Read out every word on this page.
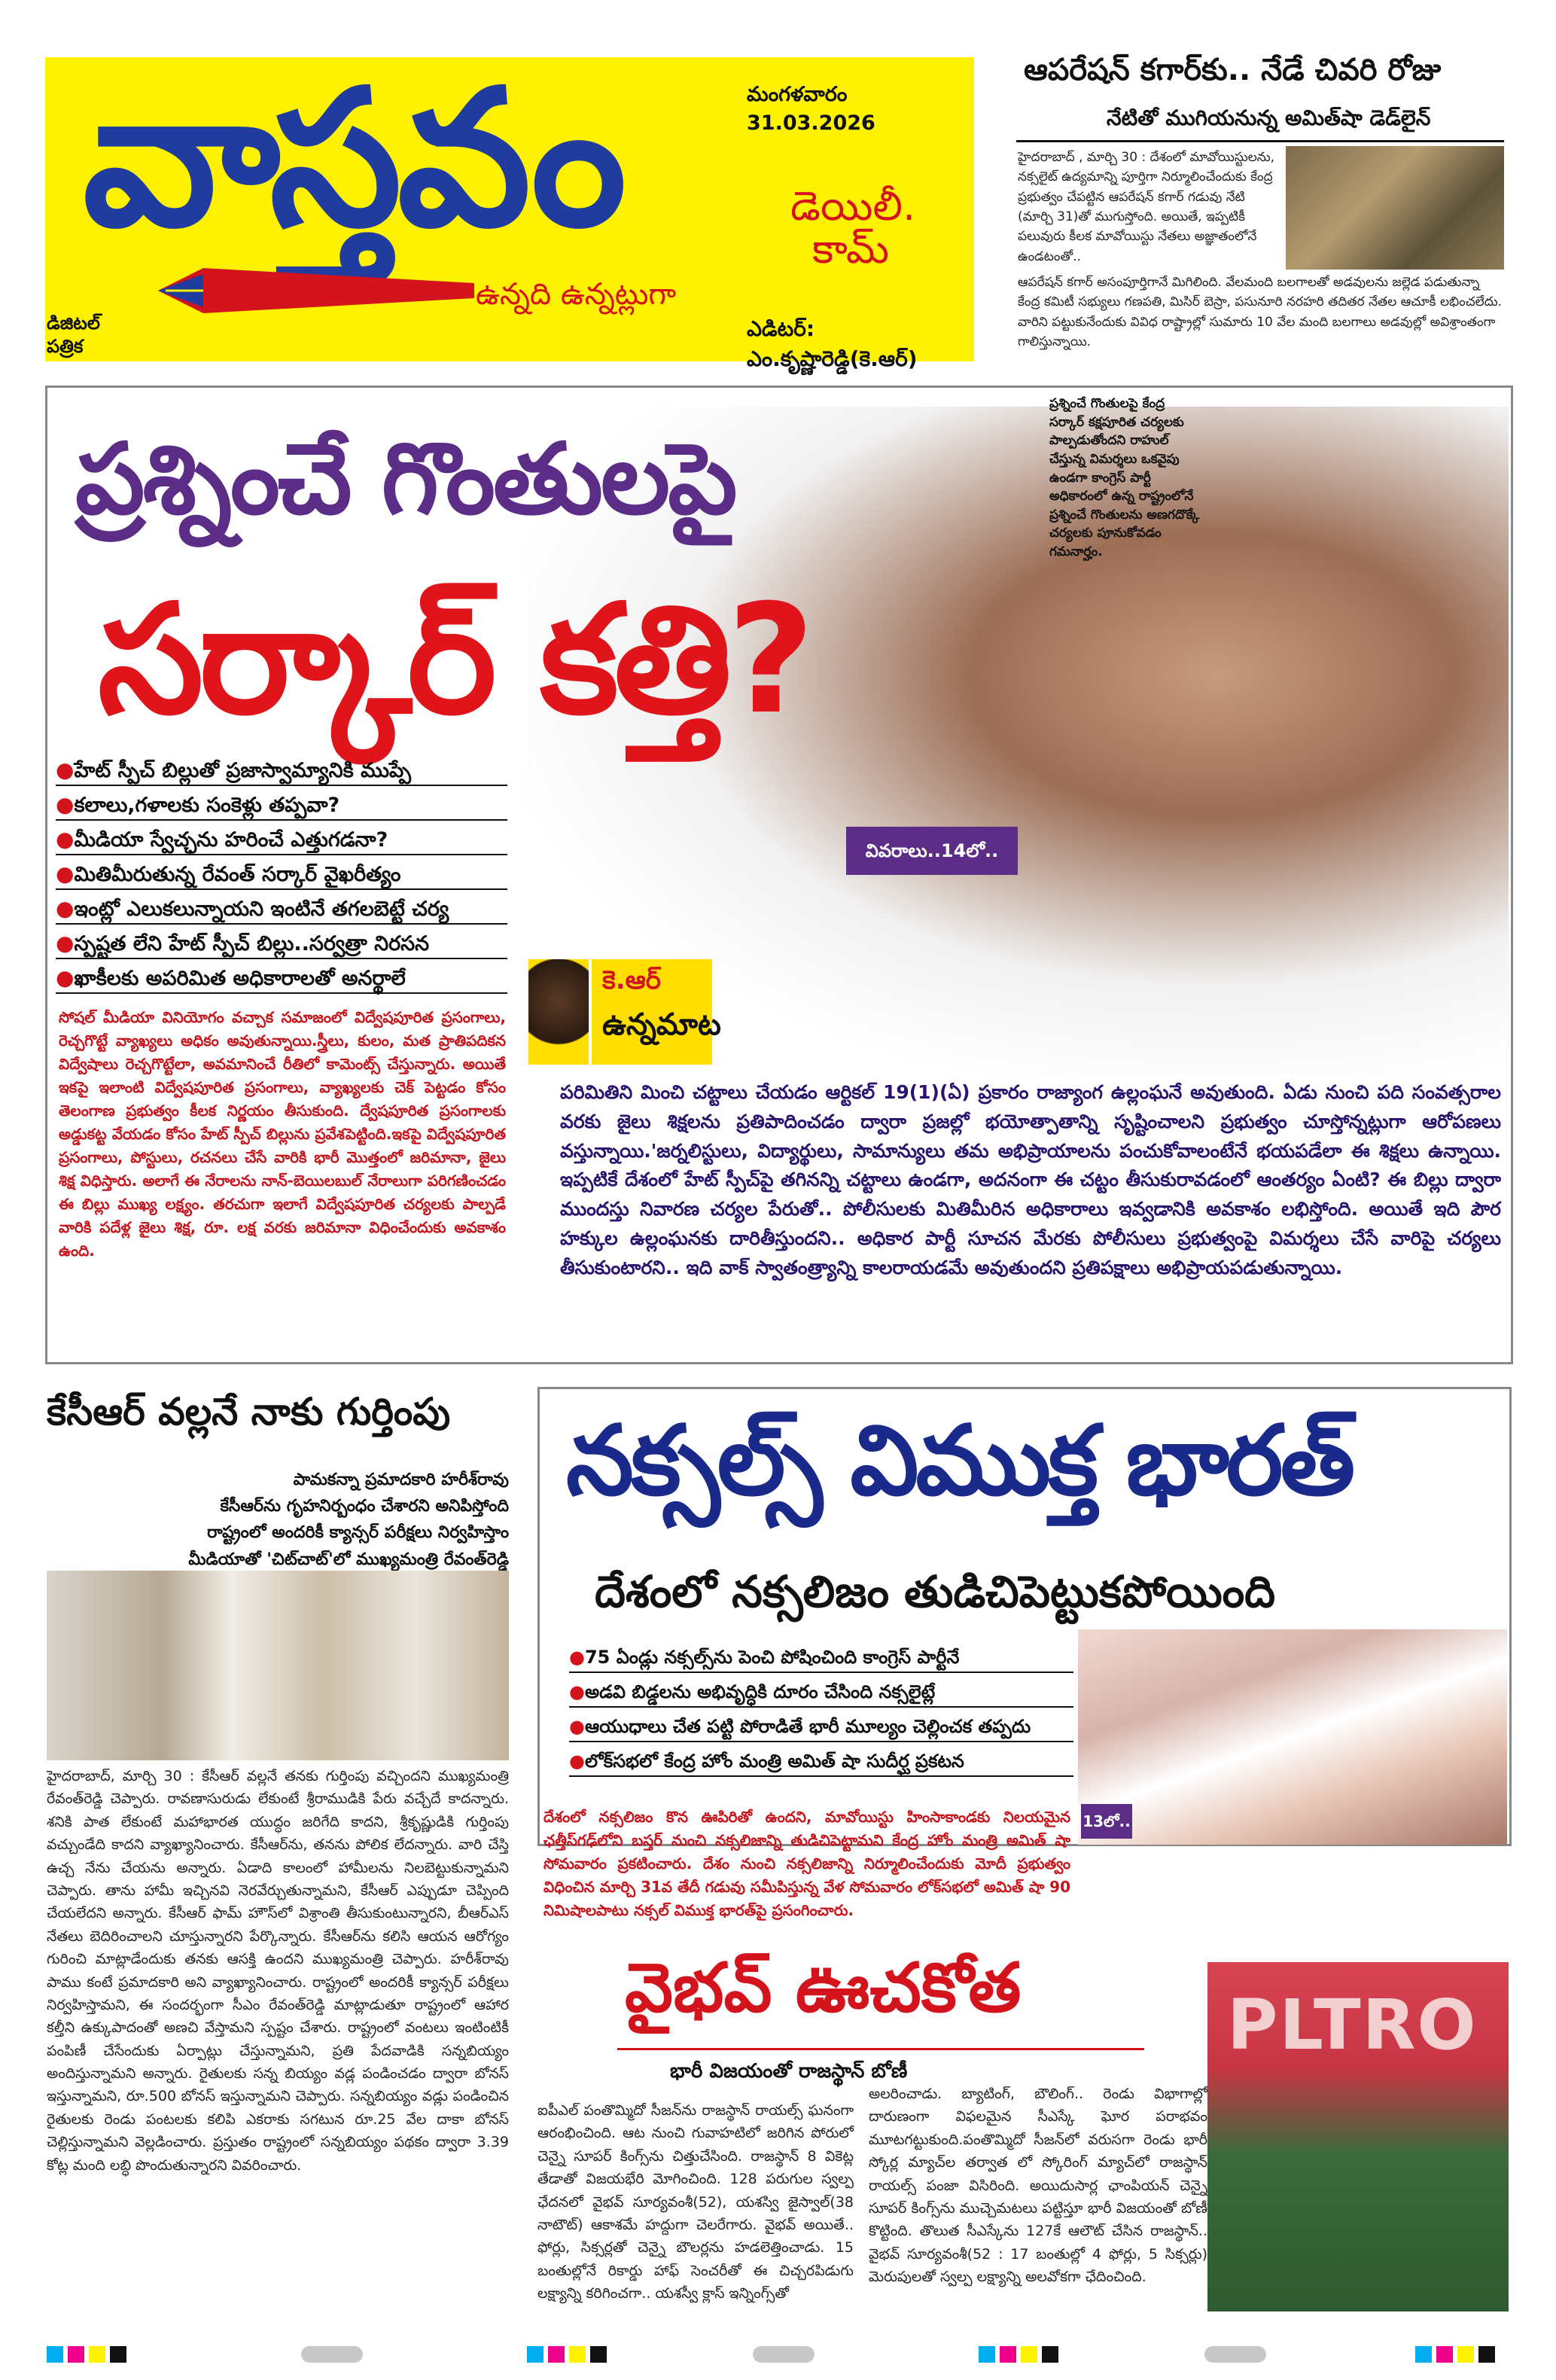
వాస్తవం	మంగళవారం 31.03.2026
డెయిలీ. కామ్
ఉన్నది ఉన్నట్లుగా
డిజిటల్ పత్రిక
ఎడిటర్: ఎం.కృష్ణారెడ్డి(కె.ఆర్)
ఆపరేషన్ కగార్‌కు.. నేడే చివరి రోజు
నేటితో ముగియనున్న అమిత్‌షా డెడ్‌లైన్
హైదరాబాద్ , మార్చి 30 : దేశంలో మావోయిస్టులను, నక్సలైట్ ఉద్యమాన్ని పూర్తిగా నిర్మూలించేందుకు కేంద్ర ప్రభుత్వం చేపట్టిన ఆపరేషన్ కగార్ గడువు నేటి (మార్చి 31)తో ముగుస్తోంది. అయితే, ఇప్పటికీ పలువురు కీలక మావోయిస్టు నేతలు అజ్ఞాతంలోనే ఉండటంతో..
ఆపరేషన్ కగార్ అసంపూర్తిగానే మిగిలింది. వేలమంది బలగాలతో అడవులను జల్లెడ పడుతున్నా కేంద్ర కమిటీ సభ్యులు గణపతి, మిసిర్ బెస్రా, పసునూరి నరహరి తదితర నేతల ఆచూకీ లభించలేదు. వారిని పట్టుకునేందుకు వివిధ రాష్ట్రాల్లో సుమారు 10 వేల మంది బలగాలు అడవుల్లో అవిశ్రాంతంగా గాలిస్తున్నాయి.
ప్రశ్నించే గొంతులపై
సర్కార్ కత్తి?
ప్రశ్నించే గొంతులపై కేంద్ర సర్కార్ కక్షపూరిత చర్యలకు పాల్పడుతోందని రాహుల్ చేస్తున్న విమర్శలు ఒకవైపు ఉండగా కాంగ్రెస్ పార్టీ అధికారంలో ఉన్న రాష్ట్రంలోనే ప్రశ్నించే గొంతులను అణగదొక్కే చర్యలకు పూనుకోవడం గమనార్హం.
●హేట్ స్పీచ్ బిల్లుతో ప్రజాస్వామ్యానికి ముప్పే
●కలాలు,గళాలకు సంకెళ్లు తప్పవా?
●మీడియా స్వేచ్ఛను హరించే ఎత్తుగడనా?
●మితిమీరుతున్న రేవంత్ సర్కార్ వైఖరీత్యం
●ఇంట్లో ఎలుకలున్నాయని ఇంటినే తగలబెట్టే చర్య
●స్పష్టత లేని హేట్ స్పీచ్ బిల్లు..సర్వత్రా నిరసన
●ఖాకీలకు అపరిమిత అధికారాలతో అనర్థాలే
వివరాలు..14లో..
కె.ఆర్
ఉన్నమాట
సోషల్ మీడియా వినియోగం వచ్చాక సమాజంలో విద్వేషపూరిత ప్రసంగాలు, రెచ్చగొట్టే వ్యాఖ్యలు అధికం అవుతున్నాయి.స్త్రీలు, కులం, మత ప్రాతిపదికన విద్వేషాలు రెచ్చగొట్టేలా, అవమానించే రీతిలో కామెంట్స్ చేస్తున్నారు. అయితే ఇకపై ఇలాంటి విద్వేషపూరిత ప్రసంగాలు, వ్యాఖ్యలకు చెక్ పెట్టడం కోసం తెలంగాణ ప్రభుత్వం కీలక నిర్ణయం తీసుకుంది. ద్వేషపూరిత ప్రసంగాలకు అడ్డుకట్ట వేయడం కోసం హేట్ స్పీచ్ బిల్లును ప్రవేశపెట్టింది.ఇకపై విద్వేషపూరిత ప్రసంగాలు, పోస్టులు, రచనలు చేసే వారికి భారీ మొత్తంలో జరిమానా, జైలు శిక్ష విధిస్తారు. అలాగే ఈ నేరాలను నాన్-బెయిలబుల్ నేరాలుగా పరిగణించడం ఈ బిల్లు ముఖ్య లక్ష్యం. తరచుగా ఇలాగే విద్వేషపూరిత చర్యలకు పాల్పడే వారికి పదేళ్ల జైలు శిక్ష, రూ. లక్ష వరకు జరిమానా విధించేందుకు అవకాశం ఉంది.
పరిమితిని మించి చట్టాలు చేయడం ఆర్టికల్ 19(1)(ఏ) ప్రకారం రాజ్యాంగ ఉల్లంఘనే అవుతుంది. ఏడు నుంచి పది సంవత్సరాల వరకు జైలు శిక్షలను ప్రతిపాదించడం ద్వారా ప్రజల్లో భయోత్పాతాన్ని సృష్టించాలని ప్రభుత్వం చూస్తోన్నట్లుగా ఆరోపణలు వస్తున్నాయి.'జర్నలిస్టులు, విద్యార్థులు, సామాన్యులు తమ అభిప్రాయాలను పంచుకోవాలంటేనే భయపడేలా ఈ శిక్షలు ఉన్నాయి. ఇప్పటికే దేశంలో హేట్ స్పీచ్‌పై తగినన్ని చట్టాలు ఉండగా, అదనంగా ఈ చట్టం తీసుకురావడంలో ఆంతర్యం ఏంటి? ఈ బిల్లు ద్వారా ముందస్తు నివారణ చర్యల పేరుతో.. పోలీసులకు మితిమీరిన అధికారాలు ఇవ్వడానికి అవకాశం లభిస్తోంది. అయితే ఇది పౌర హక్కుల ఉల్లంఘనకు దారితీస్తుందని.. అధికార పార్టీ సూచన మేరకు పోలీసులు ప్రభుత్వంపై విమర్శలు చేసే వారిపై చర్యలు తీసుకుంటారని.. ఇది వాక్ స్వాతంత్ర్యాన్ని కాలరాయడమే అవుతుందని ప్రతిపక్షాలు అభిప్రాయపడుతున్నాయి.
కేసీఆర్ వల్లనే నాకు గుర్తింపు
పామకన్నా ప్రమాదకారి హరీశ్‌రావు
కేసీఆర్‌ను గృహనిర్బంధం చేశారని అనిపిస్తోంది
రాష్ట్రంలో అందరికీ క్యాన్సర్ పరీక్షలు నిర్వహిస్తాం
మీడియాతో 'చిట్‌చాట్'లో ముఖ్యమంత్రి రేవంత్‌రెడ్డి
హైదరాబాద్, మార్చి 30 : కేసీఆర్ వల్లనే తనకు గుర్తింపు వచ్చిందని ముఖ్యమంత్రి రేవంత్‌రెడ్డి చెప్పారు. రావణాసురుడు లేకుంటే శ్రీరాముడికి పేరు వచ్చేదే కాదన్నారు. శనికి పాత లేకుంటే మహాభారత యుద్ధం జరిగేది కాదని, శ్రీకృష్ణుడికి గుర్తింపు వచ్చుండేది కాదని వ్యాఖ్యానించారు. కేసీఆర్‌ను, తనను పోలిక లేదన్నారు. వారి చేస్తి ఉచ్చ నేను చేయను అన్నారు. ఏడాది కాలంలో హామీలను నిలబెట్టుకున్నామని చెప్పారు. తాను హామీ ఇచ్చినవి నెరవేర్చుతున్నామని, కేసీఆర్ ఎప్పుడూ చెప్పింది చేయలేదని అన్నారు. కేసీఆర్ ఫామ్ హౌస్‌లో విశ్రాంతి తీసుకుంటున్నారని, బీఆర్ఎస్ నేతలు బెదిరించాలని చూస్తున్నారని పేర్కొన్నారు. కేసీఆర్‌ను కలిసి ఆయన ఆరోగ్యం గురించి మాట్లాడేందుకు తనకు ఆసక్తి ఉందని ముఖ్యమంత్రి చెప్పారు. హరీశ్‌రావు పాము కంటే ప్రమాదకారి అని వ్యాఖ్యానించారు. రాష్ట్రంలో అందరికీ క్యాన్సర్ పరీక్షలు నిర్వహిస్తామని, ఈ సందర్భంగా సీఎం రేవంత్‌రెడ్డి మాట్లాడుతూ రాష్ట్రంలో ఆహార కల్తీని ఉక్కుపాదంతో అణచి వేస్తామని స్పష్టం చేశారు. రాష్ట్రంలో వంటలు ఇంటింటికీ పంపిణీ చేసేందుకు ఏర్పాట్లు చేస్తున్నామని, ప్రతి పేదవాడికి సన్నబియ్యం అందిస్తున్నామని అన్నారు. రైతులకు సన్న బియ్యం వడ్ల పండించడం ద్వారా బోనస్ ఇస్తున్నామని, రూ.500 బోనస్ ఇస్తున్నామని చెప్పారు. సన్నబియ్యం వడ్లు పండించిన రైతులకు రెండు పంటలకు కలిపి ఎకరాకు సగటున రూ.25 వేల దాకా బోనస్ చెల్లిస్తున్నామని వెల్లడించారు. ప్రస్తుతం రాష్ట్రంలో సన్నబియ్యం పథకం ద్వారా 3.39 కోట్ల మంది లబ్ధి పొందుతున్నారని వివరించారు.
నక్సల్స్ విముక్త భారత్
దేశంలో నక్సలిజం తుడిచిపెట్టుకపోయింది
●75 ఏండ్లు నక్సల్స్‌ను పెంచి పోషించింది కాంగ్రెస్ పార్టీనే
●అడవి బిడ్డలను అభివృద్ధికి దూరం చేసింది నక్సలైట్లే
●ఆయుధాలు చేత పట్టి పోరాడితే భారీ మూల్యం చెల్లించక తప్పదు
●లోక్‌సభలో కేంద్ర హోం మంత్రి అమిత్ షా సుదీర్ఘ ప్రకటన
దేశంలో నక్సలిజం కొన ఊపిరితో ఉందని, మావోయిస్టు హింసాకాండకు నిలయమైన ఛత్తీస్‌గఢ్‌లోని బస్తర్ నుంచి నక్సలిజాన్ని తుడిచిపెట్టామని కేంద్ర హోం మంత్రి అమిత్ షా సోమవారం ప్రకటించారు. దేశం నుంచి నక్సలిజాన్ని నిర్మూలించేందుకు మోదీ ప్రభుత్వం విధించిన మార్చి 31వ తేదీ గడువు సమీపిస్తున్న వేళ సోమవారం లోక్‌సభలో అమిత్ షా 90 నిమిషాలపాటు నక్సల్ విముక్త భారత్‌పై ప్రసంగించారు.
13లో..
వైభవ్ ఊచకోత
భారీ విజయంతో రాజస్థాన్ బోణీ
ఐపీఎల్ పంతొమ్మిదో సీజన్‌ను రాజస్థాన్ రాయల్స్ ఘనంగా ఆరంభించింది. ఆట నుంచి గువాహటిలో జరిగిన పోరులో చెన్నై సూపర్ కింగ్స్‌ను చిత్తుచేసింది. రాజస్థాన్ 8 వికెట్ల తేడాతో విజయభేరి మోగించింది. 128 పరుగుల స్వల్ప ఛేదనలో వైభవ్ సూర్యవంశీ(52), యశస్వి జైస్వాల్(38 నాటౌట్) ఆకాశమే హద్దుగా చెలరేగారు. వైభవ్ అయితే.. ఫోర్లు, సిక్సర్లతో చెన్నై బౌలర్లను హడలెత్తించాడు. 15 బంతుల్లోనే రికార్డు హాఫ్ సెంచరీతో ఈ చిచ్చరపిడుగు లక్ష్యాన్ని కరిగించగా.. యశస్వీ క్లాస్ ఇన్నింగ్స్‌తో
అలరించాడు. బ్యాటింగ్, బౌలింగ్.. రెండు విభాగాల్లో దారుణంగా విఫలమైన సీఎస్కే ఘోర పరాభవం మూటగట్టుకుంది.పంతొమ్మిదో సీజన్‌లో వరుసగా రెండు భారీ స్కోర్ల మ్యాచ్‌ల తర్వాత లో స్కోరింగ్ మ్యాచ్‌లో రాజస్థాన్ రాయల్స్ పంజా విసిరింది. అయిదుసార్ల ఛాంపియన్ చెన్నై సూపర్ కింగ్స్‌ను ముచ్చెమటలు పట్టిస్తూ భారీ విజయంతో బోణీ కొట్టింది. తొలుత సీఎస్కేను 127కే ఆలౌట్ చేసిన రాజస్థాన్.. వైభవ్ సూర్యవంశీ(52 : 17 బంతుల్లో 4 ఫోర్లు, 5 సిక్సర్లు) మెరుపులతో స్వల్ప లక్ష్యాన్ని అలవోకగా ఛేదించింది.
PLTRO
